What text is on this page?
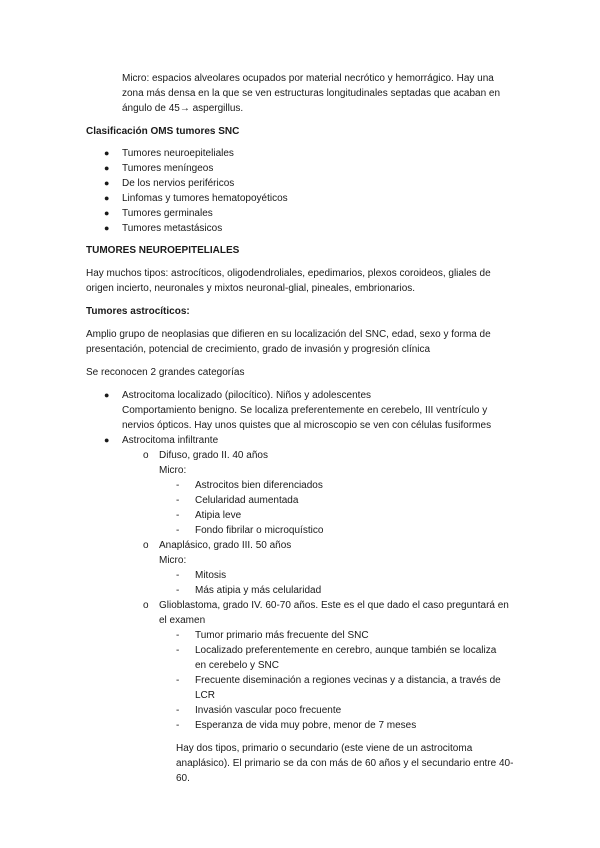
Micro: espacios alveolares ocupados por material necrótico y hemorrágico. Hay una zona más densa en la que se ven estructuras longitudinales septadas que acaban en ángulo de 45→ aspergillus.

Clasificación OMS tumores SNC

● Tumores neuroepiteliales
● Tumores meníngeos
● De los nervios periféricos
● Linfomas y tumores hematopoyéticos
● Tumores germinales
● Tumores metastásicos

TUMORES NEUROEPITELIALES

Hay muchos tipos: astrocíticos, oligodendroliales, epedimarios, plexos coroideos, gliales de origen incierto, neuronales y mixtos neuronal-glial, pineales, embrionarios.

Tumores astrocíticos:

Amplio grupo de neoplasias que difieren en su localización del SNC, edad, sexo y forma de presentación, potencial de crecimiento, grado de invasión y progresión clínica

Se reconocen 2 grandes categorías

● Astrocitoma localizado (pilocítico). Niños y adolescentes

Comportamiento benigno. Se localiza preferentemente en cerebelo, III ventrículo y nervios ópticos. Hay unos quistes que al microscopio se ven con células fusiformes

● Astrocitoma infiltrante

o Difuso, grado II. 40 años

Micro:

- Astrocitos bien diferenciados
- Celularidad aumentada
- Atipia leve
- Fondo fibrilar o microquístico
o Anaplásico, grado III. 50 años

Micro:

- Mitosis
- Más atipia y más celularidad
o Glioblastoma, grado IV. 60-70 años. Este es el que dado el caso preguntará en el examen

- Tumor primario más frecuente del SNC
- Localizado preferentemente en cerebro, aunque también se localiza en cerebelo y SNC
- Frecuente diseminación a regiones vecinas y a distancia, a través de LCR
- Invasión vascular poco frecuente
- Esperanza de vida muy pobre, menor de 7 meses

Hay dos tipos, primario o secundario (este viene de un astrocitoma anaplásico). El primario se da con más de 60 años y el secundario entre 40-60.
